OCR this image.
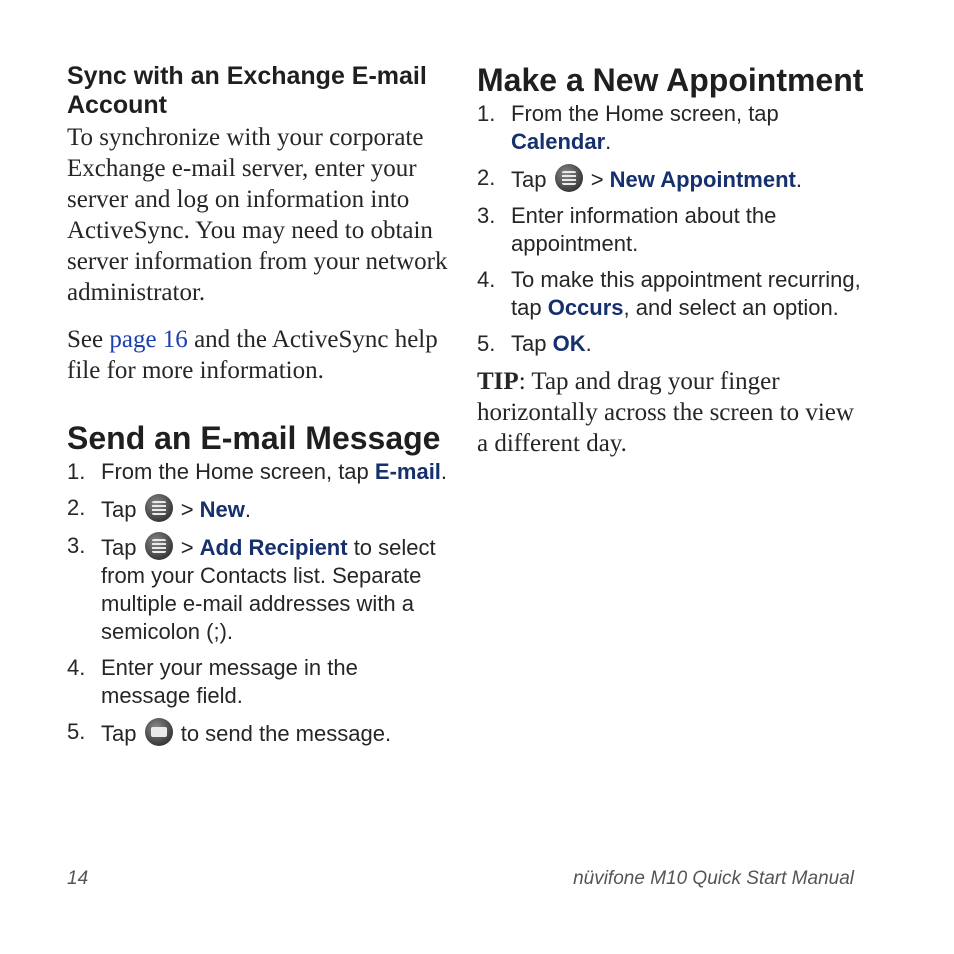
Sync with an Exchange E-mail Account

To synchronize with your corporate Exchange e-mail server, enter your server and log on information into ActiveSync. You may need to obtain server information from your network administrator.

See page 16 and the ActiveSync help file for more information.

Send an E-mail Message
1. From the Home screen, tap E-mail.
2. Tap  > New.
3. Tap  > Add Recipient to select from your Contacts list. Separate multiple e-mail addresses with a semicolon (;).
4. Enter your message in the message field.
5. Tap  to send the message.
Make a New Appointment
1. From the Home screen, tap Calendar.
2. Tap  > New Appointment.
3. Enter information about the appointment.
4. To make this appointment recurring, tap Occurs, and select an option.
5. Tap OK.

TIP: Tap and drag your finger horizontally across the screen to view a different day.

14	nüvifone M10 Quick Start Manual
